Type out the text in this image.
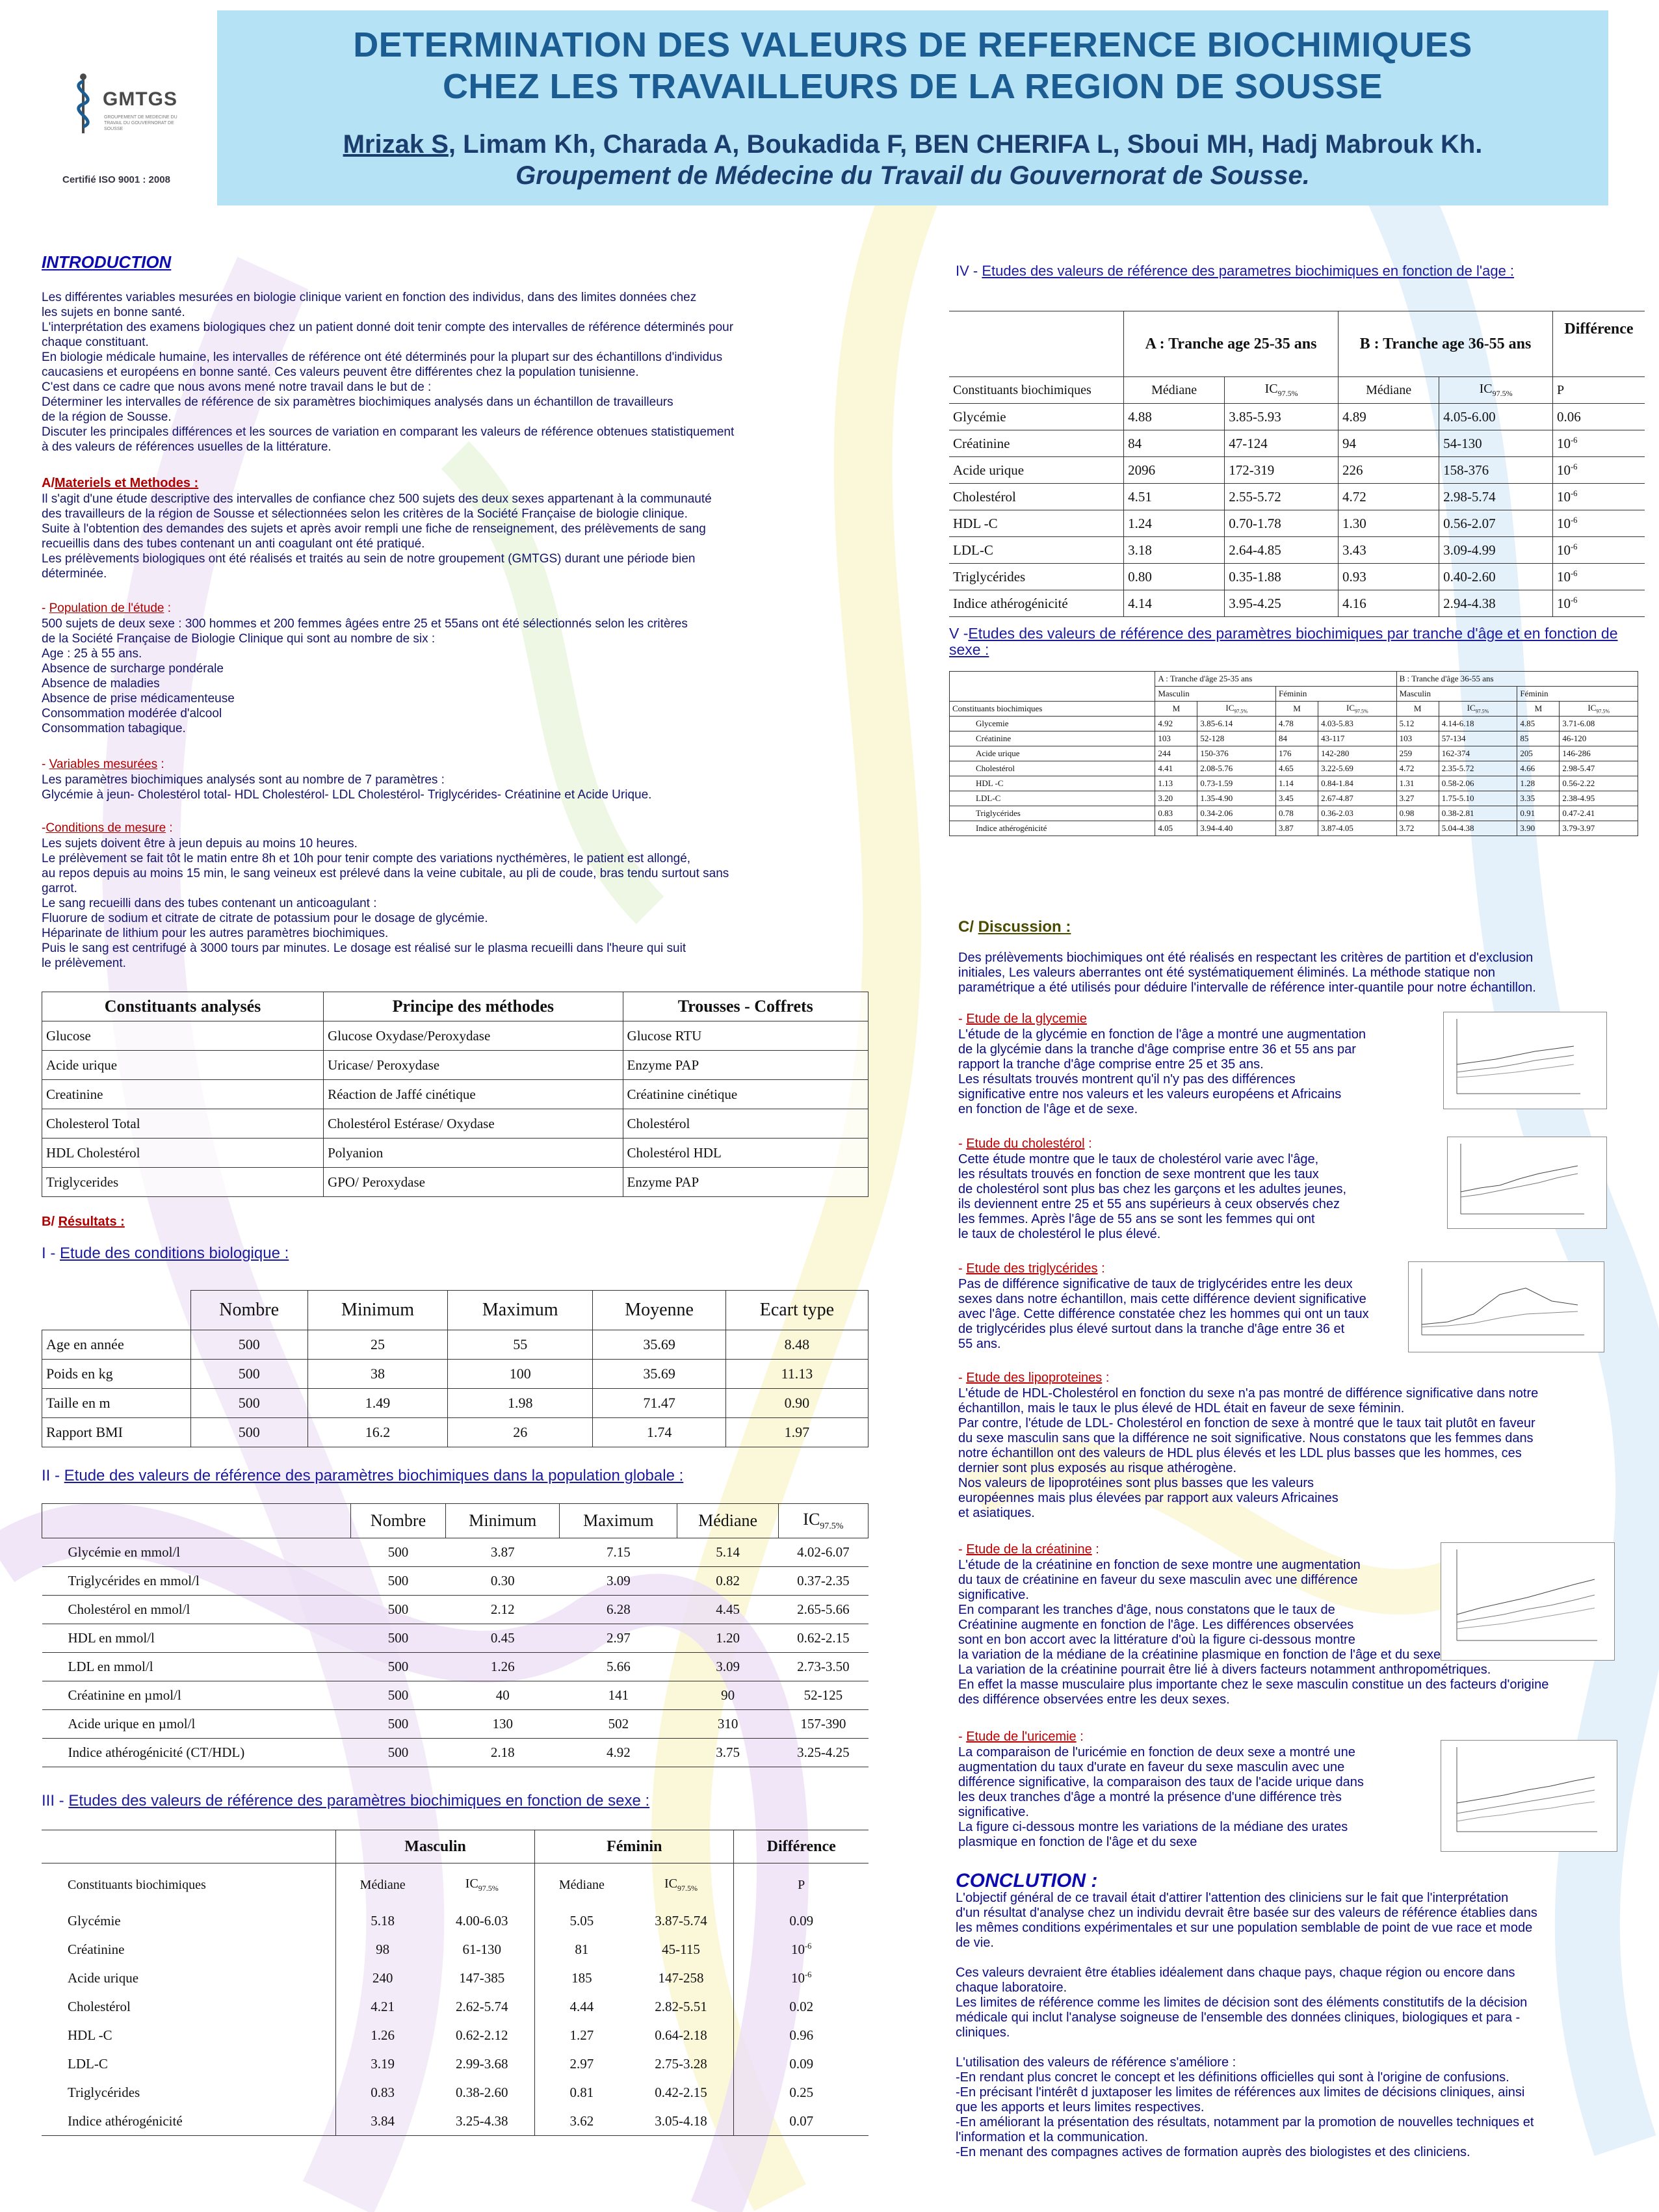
GMTGS
GROUPEMENT DE MEDECINE DU TRAVAIL DU GOUVERNORAT DE SOUSSE
Certifié ISO 9001 : 2008
DETERMINATION DES VALEURS DE REFERENCE BIOCHIMIQUES
CHEZ LES TRAVAILLEURS DE LA REGION DE SOUSSE
Mrizak S, Limam Kh, Charada A, Boukadida F, BEN CHERIFA L, Sboui MH, Hadj Mabrouk Kh.
Groupement de Médecine du Travail du Gouvernorat de Sousse.
INTRODUCTION
Les différentes variables mesurées en biologie clinique varient en fonction des individus, dans des limites données chez
les sujets en bonne santé.
L'interprétation des examens biologiques chez un patient donné doit tenir compte des intervalles de référence déterminés pour
chaque constituant.
En biologie médicale humaine, les intervalles de référence ont été déterminés pour la plupart sur des échantillons d'individus
caucasiens et européens en bonne santé. Ces valeurs peuvent être différentes chez la population tunisienne.
C'est dans ce cadre que nous avons mené notre travail dans le but de :
Déterminer les intervalles de référence de six paramètres biochimiques analysés dans un échantillon de travailleurs
de la région de Sousse.
Discuter les principales différences et les sources de variation en comparant les valeurs de référence obtenues statistiquement
à des valeurs de références usuelles de la littérature.
A/Materiels et Methodes :
Il s'agit d'une étude descriptive des intervalles de confiance chez 500 sujets des deux sexes appartenant à la communauté
des travailleurs de la région de Sousse et sélectionnées selon les critères de la Société Française de biologie clinique.
Suite à l'obtention des demandes des sujets et après avoir rempli une fiche de renseignement, des prélèvements de sang
recueillis dans des tubes contenant un anti coagulant ont été pratiqué.
Les prélèvements biologiques ont été réalisés et traités au sein de notre groupement (GMTGS) durant une période bien
déterminée.
- Population de l'étude :
500 sujets de deux sexe : 300 hommes et 200 femmes âgées entre 25 et 55ans ont été sélectionnés selon les critères
de la Société Française de Biologie Clinique qui sont au nombre de six :
Age : 25 à 55 ans.
Absence de surcharge pondérale
Absence de maladies
Absence de prise médicamenteuse
Consommation modérée d'alcool
Consommation tabagique.
- Variables mesurées :
Les paramètres biochimiques analysés sont au nombre de 7 paramètres :
Glycémie à jeun- Cholestérol total- HDL Cholestérol- LDL Cholestérol- Triglycérides- Créatinine et Acide Urique.
-Conditions de mesure :
Les sujets doivent être à jeun depuis au moins 10 heures.
Le prélèvement se fait tôt le matin entre 8h et 10h pour tenir compte des variations nycthémères, le patient est allongé,
au repos depuis au moins 15 min, le sang veineux est prélevé dans la veine cubitale, au pli de coude, bras tendu surtout sans
garrot.
Le sang recueilli dans des tubes contenant un anticoagulant :
Fluorure de sodium et citrate de citrate de potassium pour le dosage de glycémie.
Héparinate de lithium pour les autres paramètres biochimiques.
Puis le sang est centrifugé à 3000 tours par minutes. Le dosage est réalisé sur le plasma recueilli dans l'heure qui suit
le prélèvement.
Constituants analysés	Principe des méthodes	Trousses - Coffrets
Glucose	Glucose Oxydase/Peroxydase	Glucose RTU
Acide urique	Uricase/ Peroxydase	Enzyme PAP
Creatinine	Réaction de Jaffé cinétique	Créatinine cinétique
Cholesterol Total	Cholestérol Estérase/ Oxydase	Cholestérol
HDL Cholestérol	Polyanion	Cholestérol HDL
Triglycerides	GPO/ Peroxydase	Enzyme PAP
B/ Résultats :
I - Etude des conditions biologique :
	Nombre	Minimum	Maximum	Moyenne	Ecart type
Age en année	500	25	55	35.69	8.48
Poids en kg	500	38	100	35.69	11.13
Taille en m	500	1.49	1.98	71.47	0.90
Rapport BMI	500	16.2	26	1.74	1.97
II - Etude des valeurs de référence des paramètres biochimiques dans la population globale :
	Nombre	Minimum	Maximum	Médiane	$IC_{97.5\%}$
Glycémie en mmol/l	500	3.87	7.15	5.14	4.02-6.07
Triglycérides en mmol/l	500	0.30	3.09	0.82	0.37-2.35
Cholestérol en mmol/l	500	2.12	6.28	4.45	2.65-5.66
HDL en mmol/l	500	0.45	2.97	1.20	0.62-2.15
LDL en mmol/l	500	1.26	5.66	3.09	2.73-3.50
Créatinine en µmol/l	500	40	141	90	52-125
Acide urique en µmol/l	500	130	502	310	157-390
Indice athérogénicité (CT/HDL)	500	2.18	4.92	3.75	3.25-4.25
III - Etudes des valeurs de référence des paramètres biochimiques en fonction de sexe :
	Masculin		Féminin		Différence
Constituants biochimiques	Médiane	$IC_{97.5\%}$	Médiane	$IC_{97.5\%}$	P
Glycémie	5.18	4.00-6.03	5.05	3.87-5.74	0.09
Créatinine	98	61-130	81	45-115	$10^{-6}$
Acide urique	240	147-385	185	147-258	$10^{-6}$
Cholestérol	4.21	2.62-5.74	4.44	2.82-5.51	0.02
HDL -C	1.26	0.62-2.12	1.27	0.64-2.18	0.96
LDL-C	3.19	2.99-3.68	2.97	2.75-3.28	0.09
Triglycérides	0.83	0.38-2.60	0.81	0.42-2.15	0.25
Indice athérogénicité	3.84	3.25-4.38	3.62	3.05-4.18	0.07
IV - Etudes des valeurs de référence des parametres biochimiques en fonction de l'age :
	A : Tranche age 25-35 ans		B : Tranche age 36-55 ans		Différence
Constituants biochimiques	Médiane	$IC_{97.5\%}$	Médiane	$IC_{97.5\%}$	P
Glycémie	4.88	3.85-5.93	4.89	4.05-6.00	0.06
Créatinine	84	47-124	94	54-130	$10^{-6}$
Acide urique	2096	172-319	226	158-376	$10^{-6}$
Cholestérol	4.51	2.55-5.72	4.72	2.98-5.74	$10^{-6}$
HDL -C	1.24	0.70-1.78	1.30	0.56-2.07	$10^{-6}$
LDL-C	3.18	2.64-4.85	3.43	3.09-4.99	$10^{-6}$
Triglycérides	0.80	0.35-1.88	0.93	0.40-2.60	$10^{-6}$
Indice athérogénicité	4.14	3.95-4.25	4.16	2.94-4.38	$10^{-6}$
V -Etudes des valeurs de référence des paramètres biochimiques par tranche d'âge et en fonction de sexe :
	A : Tranche d'âge 25-35 ans				B : Tranche d'âge 36-55 ans			
	Masculin		Féminin		Masculin		Féminin	
Constituants biochimiques	M	$IC_{97.5\%}$	M	$IC_{97.5\%}$	M	$IC_{97.5\%}$	M	$IC_{97.5\%}$
Glycemie	4.92	3.85-6.14	4.78	4.03-5.83	5.12	4.14-6.18	4.85	3.71-6.08
Créatinine	103	52-128	84	43-117	103	57-134	85	46-120
Acide urique	244	150-376	176	142-280	259	162-374	205	146-286
Cholestérol	4.41	2.08-5.76	4.65	3.22-5.69	4.72	2.35-5.72	4.66	2.98-5.47
HDL -C	1.13	0.73-1.59	1.14	0.84-1.84	1.31	0.58-2.06	1.28	0.56-2.22
LDL-C	3.20	1.35-4.90	3.45	2.67-4.87	3.27	1.75-5.10	3.35	2.38-4.95
Triglycérides	0.83	0.34-2.06	0.78	0.36-2.03	0.98	0.38-2.81	0.91	0.47-2.41
Indice athérogénicité	4.05	3.94-4.40	3.87	3.87-4.05	3.72	5.04-4.38	3.90	3.79-3.97
C/ Discussion :
Des prélèvements biochimiques ont été réalisés en respectant les critères de partition et d'exclusion
initiales, Les valeurs aberrantes ont été systématiquement éliminés. La méthode statique non
paramétrique a été utilisés pour déduire l'intervalle de référence inter-quantile pour notre échantillon.
- Etude de la glycemie
L'étude de la glycémie en fonction de l'âge a montré une augmentation
de la glycémie dans la tranche d'âge comprise entre 36 et 55 ans par
rapport la tranche d'âge comprise entre 25 et 35 ans.
Les résultats trouvés montrent qu'il n'y pas des différences
significative entre nos valeurs et les valeurs européens et Africains
en fonction de l'âge et de sexe.
- Etude du cholestérol :
Cette étude montre que le taux de cholestérol varie avec l'âge,
les résultats trouvés en fonction de sexe montrent que les taux
de cholestérol sont plus bas chez les garçons et les adultes jeunes,
ils deviennent entre 25 et 55 ans supérieurs à ceux observés chez
les femmes. Après l'âge de 55 ans se sont les femmes qui ont
le taux de cholestérol le plus élevé.
- Etude des triglycérides :
Pas de différence significative de taux de triglycérides entre les deux
sexes dans notre échantillon, mais cette différence devient significative
avec l'âge. Cette différence constatée chez les hommes qui ont un taux
de triglycérides plus élevé surtout dans la tranche d'âge entre 36 et
55 ans.
- Etude des lipoproteines :
L'étude de HDL-Cholestérol en fonction du sexe n'a pas montré de différence significative dans notre
échantillon, mais le taux le plus élevé de HDL était en faveur de sexe féminin.
Par contre, l'étude de LDL- Cholestérol en fonction de sexe à montré que le taux tait plutôt en faveur
du sexe masculin sans que la différence ne soit significative. Nous constatons que les femmes dans
notre échantillon ont des valeurs de HDL plus élevés et les LDL plus basses que les hommes, ces
dernier sont plus exposés au risque athérogène.
Nos valeurs de lipoprotéines sont plus basses que les valeurs
européennes mais plus élevées par rapport aux valeurs Africaines
et asiatiques.
- Etude de la créatinine :
L'étude de la créatinine en fonction de sexe montre une augmentation
du taux de créatinine en faveur du sexe masculin avec une différence
significative.
En comparant les tranches d'âge, nous constatons que le taux de
Créatinine augmente en fonction de l'âge. Les différences observées
sont en bon accort avec la littérature d'où la figure ci-dessous montre
la variation de la médiane de la créatinine plasmique en fonction de l'âge et du sexe.
La variation de la créatinine pourrait être lié à divers facteurs notamment anthropométriques.
En effet la masse musculaire plus importante chez le sexe masculin constitue un des facteurs d'origine
des différence observées entre les deux sexes.
- Etude de l'uricemie :
La comparaison de l'uricémie en fonction de deux sexe a montré une
augmentation du taux d'urate en faveur du sexe masculin avec une
différence significative, la comparaison des taux de l'acide urique dans
les deux tranches d'âge a montré la présence d'une différence très
significative.
La figure ci-dessous montre les variations de la médiane des urates
plasmique en fonction de l'âge et du sexe
CONCLUTION :
L'objectif général de ce travail était d'attirer l'attention des cliniciens sur le fait que l'interprétation
d'un résultat d'analyse chez un individu devrait être basée sur des valeurs de référence établies dans
les mêmes conditions expérimentales et sur une population semblable de point de vue race et mode
de vie.

Ces valeurs devraient être établies idéalement dans chaque pays, chaque région ou encore dans
chaque laboratoire.
Les limites de référence comme les limites de décision sont des éléments constitutifs de la décision
médicale qui inclut l'analyse soigneuse de l'ensemble des données cliniques, biologiques et para -
cliniques.

L'utilisation des valeurs de référence s'améliore :
-En rendant plus concret le concept et les définitions officielles qui sont à l'origine de confusions.
-En précisant l'intérêt d juxtaposer les limites de références aux limites de décisions cliniques, ainsi
que les apports et leurs limites respectives.
-En améliorant la présentation des résultats, notamment par la promotion de nouvelles techniques et
l'information et la communication.
-En menant des compagnes actives de formation auprès des biologistes et des cliniciens.
